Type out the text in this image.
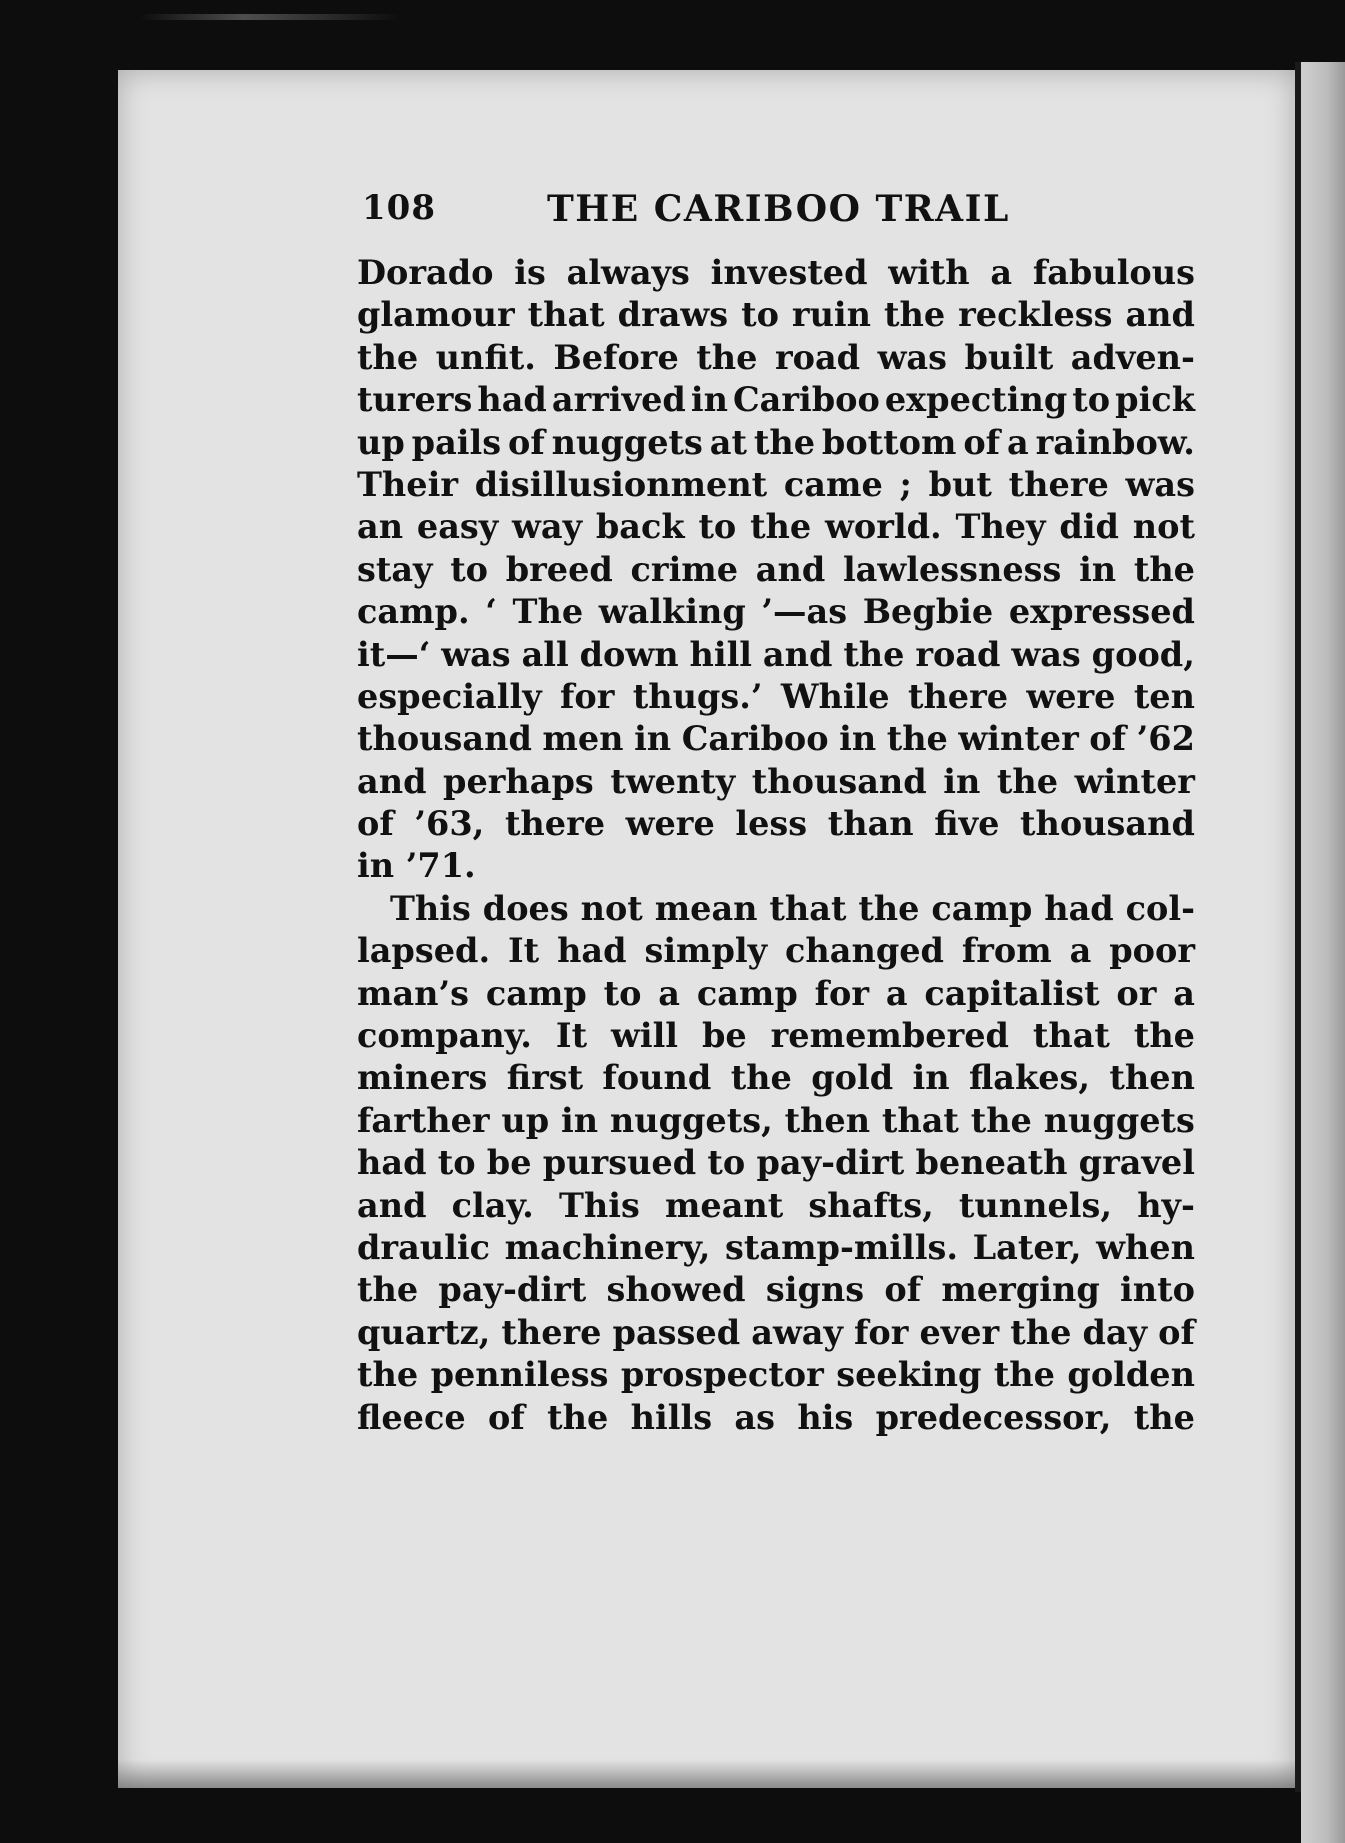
108	THE CARIBOO TRAIL
Dorado is always invested with a fabulous
glamour that draws to ruin the reckless and
the unfit. Before the road was built adven-
turers had arrived in Cariboo expecting to pick
up pails of nuggets at the bottom of a rainbow.
Their disillusionment came ; but there was
an easy way back to the world. They did not
stay to breed crime and lawlessness in the
camp. ‘ The walking ’—as Begbie expressed
it—‘ was all down hill and the road was good,
especially for thugs.’ While there were ten
thousand men in Cariboo in the winter of ’62
and perhaps twenty thousand in the winter
of ’63, there were less than five thousand
in ’71.
This does not mean that the camp had col-
lapsed. It had simply changed from a poor
man’s camp to a camp for a capitalist or a
company. It will be remembered that the
miners first found the gold in flakes, then
farther up in nuggets, then that the nuggets
had to be pursued to pay-dirt beneath gravel
and clay. This meant shafts, tunnels, hy-
draulic machinery, stamp-mills. Later, when
the pay-dirt showed signs of merging into
quartz, there passed away for ever the day of
the penniless prospector seeking the golden
fleece of the hills as his predecessor, the
